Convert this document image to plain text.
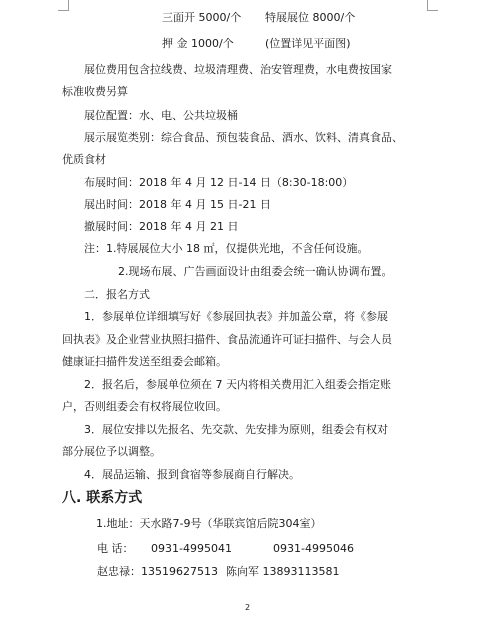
三面开 5000/个 特展展位 8000/个
押 金 1000/个	(位置详见平面图)
展位费用包含拉线费、垃圾清理费、治安管理费，水电费按国家
标准收费另算
展位配置：水、电、公共垃圾桶
展示展览类别：综合食品、预包装食品、酒水、饮料、清真食品、
优质食材
布展时间：2018 年 4 月 12 日-14 日（8:30-18:00）
展出时间：2018 年 4 月 15 日-21 日
撤展时间：2018 年 4 月 21 日
注：1.特展展位大小 18 ㎡，仅提供光地，不含任何设施。
2.现场布展、广告画面设计由组委会统一确认协调布置。
二．报名方式
1．参展单位详细填写好《参展回执表》并加盖公章，将《参展
回执表》及企业营业执照扫描件、食品流通许可证扫描件、与会人员
健康证扫描件发送至组委会邮箱。
2．报名后，参展单位须在 7 天内将相关费用汇入组委会指定账
户，否则组委会有权将展位收回。
3．展位安排以先报名、先交款、先安排为原则，组委会有权对
部分展位予以调整。
4．展品运输、报到食宿等参展商自行解决。
八. 联系方式
1.地址：天水路7-9号（华联宾馆后院304室）
电 话： 0931-4995041	0931-4995046
赵忠禄：13519627513 陈向军 13893113581
2
